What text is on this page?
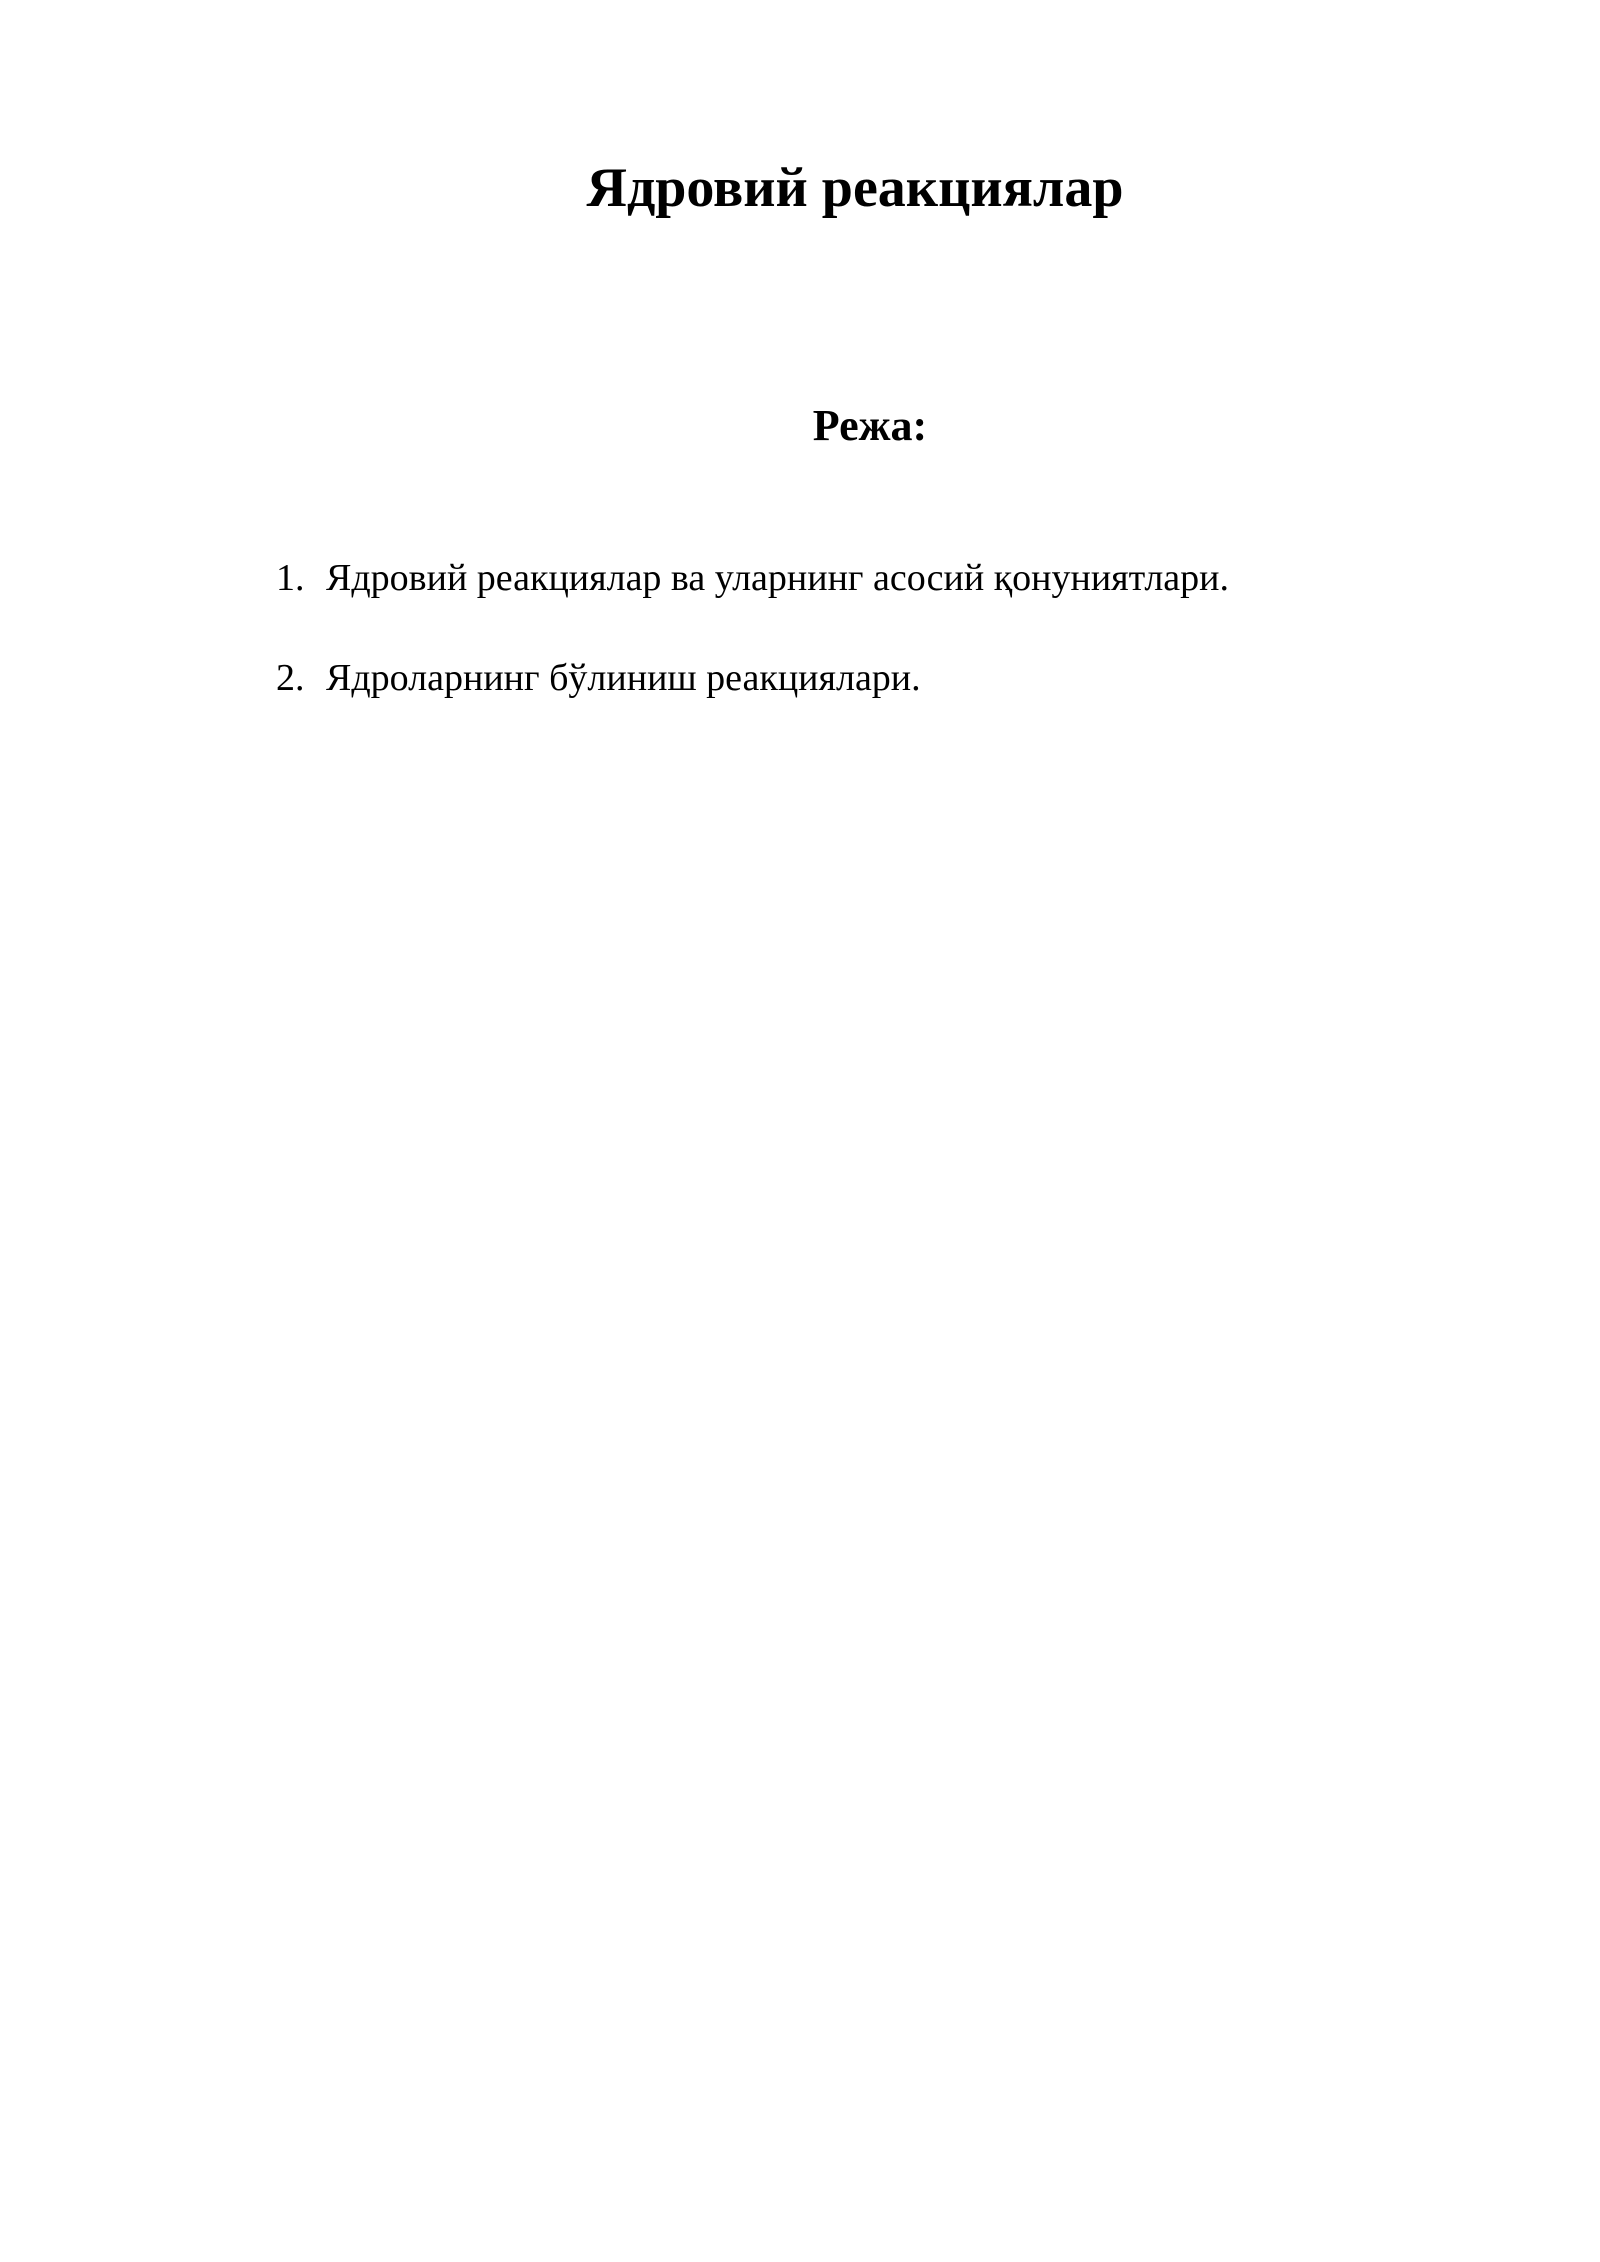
Ядровий реакциялар
Режа:
1. Ядровий реакциялар ва уларнинг асосий қонуниятлари.
2. Ядроларнинг бўлиниш реакциялари.
